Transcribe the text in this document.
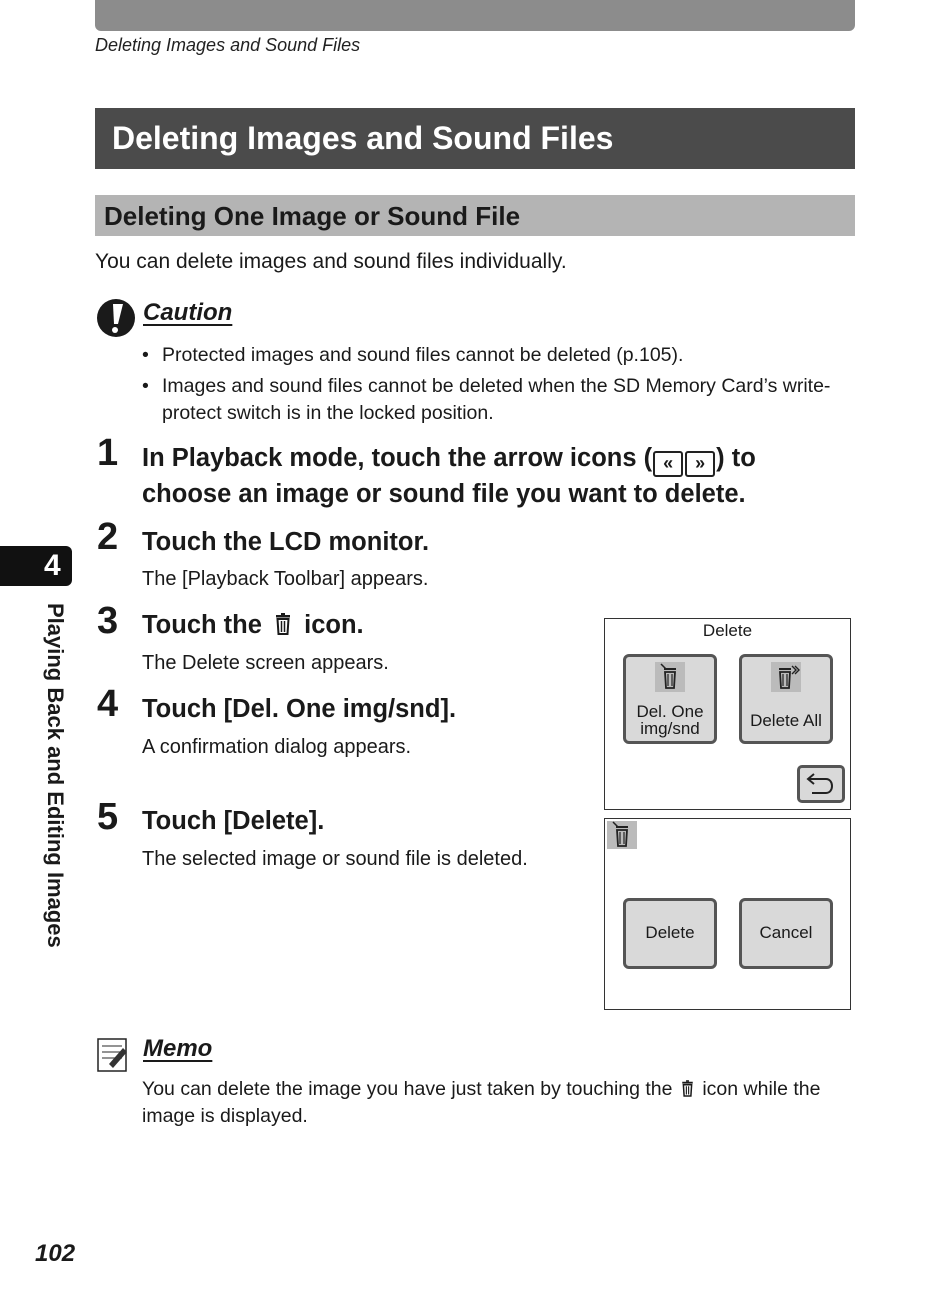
Deleting Images and Sound Files
Deleting Images and Sound Files
Deleting One Image or Sound File
You can delete images and sound files individually.
Caution
• Protected images and sound files cannot be deleted (p.105).
• Images and sound files cannot be deleted when the SD Memory Card’s write-protect switch is in the locked position.
1 In Playback mode, touch the arrow icons ( « » ) to choose an image or sound file you want to delete.
2 Touch the LCD monitor.
The [Playback Toolbar] appears.
3 Touch the icon.
The Delete screen appears.
4 Touch [Del. One img/snd].
A confirmation dialog appears.
5 Touch [Delete].
The selected image or sound file is deleted.
Delete
Del. One
img/snd	Delete All
Delete	Cancel
4
Playing Back and Editing Images
Memo
You can delete the image you have just taken by touching the icon while the image is displayed.
102
